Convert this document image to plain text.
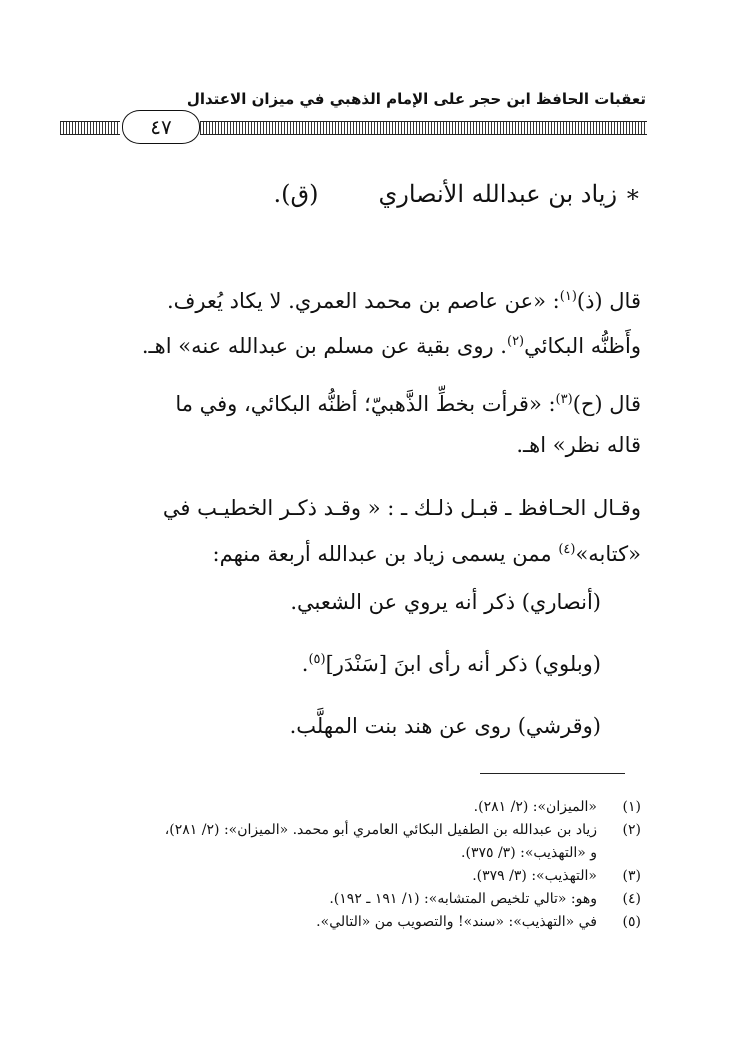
تعقبات الحافظ ابن حجر على الإمام الذهبي في ميزان الاعتدال
٤٧
∗ زياد بن عبدالله الأنصاري(ق).
قال (ذ)$^{(١)}$: «عن عاصم بن محمد العمري. لا يكاد يُعرف.
وأَظنُّه البكائي$^{(٢)}$. روى بقية عن مسلم بن عبدالله عنه» اهـ.
قال (ح)$^{(٣)}$: «قرأت بخطِّ الذَّهبيّ؛ أظنُّه البكائي، وفي ما
قاله نظر» اهـ.
وقـال الحـافظ ـ قبـل ذلـك ـ : « وقـد ذكـر الخطيـب في
«كتابه»$^{(٤)}$ ممن يسمى زياد بن عبدالله أربعة منهم:
(أنصاري) ذكر أنه يروي عن الشعبي.
(وبلوي) ذكر أنه رأى ابنَ [سَنْدَر]$^{(٥)}$.
(وقرشي) روى عن هند بنت المهلَّب.
(١)
«الميزان»: (٢/ ٢٨١).
(٢)
زياد بن عبدالله بن الطفيل البكائي العامري أبو محمد. «الميزان»: (٢/ ٢٨١)،
و «التهذيب»: (٣/ ٣٧٥).
(٣)
«التهذيب»: (٣/ ٣٧٩).
(٤)
وهو: «تالي تلخيص المتشابه»: (١/ ١٩١ ـ ١٩٢).
(٥)
في «التهذيب»: «سند»! والتصويب من «التالي».
